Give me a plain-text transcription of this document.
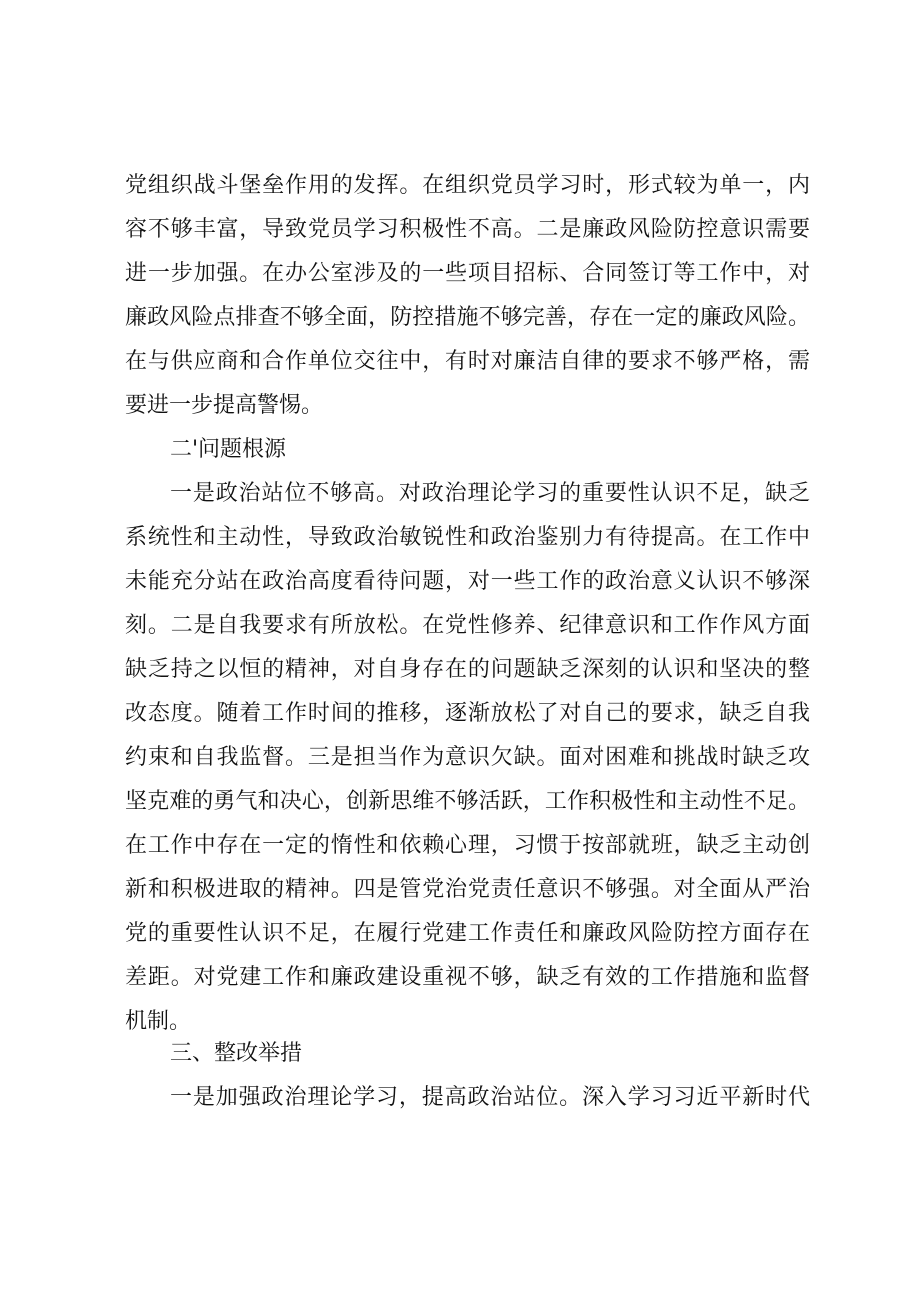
党组织战斗堡垒作用的发挥。在组织党员学习时，形式较为单一，内
容不够丰富，导致党员学习积极性不高。二是廉政风险防控意识需要
进一步加强。在办公室涉及的一些项目招标、合同签订等工作中，对
廉政风险点排查不够全面，防控措施不够完善，存在一定的廉政风险。
在与供应商和合作单位交往中，有时对廉洁自律的要求不够严格，需
要进一步提高警惕。
二'问题根源
一是政治站位不够高。对政治理论学习的重要性认识不足，缺乏
系统性和主动性，导致政治敏锐性和政治鉴别力有待提高。在工作中
未能充分站在政治高度看待问题，对一些工作的政治意义认识不够深
刻。二是自我要求有所放松。在党性修养、纪律意识和工作作风方面
缺乏持之以恒的精神，对自身存在的问题缺乏深刻的认识和坚决的整
改态度。随着工作时间的推移，逐渐放松了对自己的要求，缺乏自我
约束和自我监督。三是担当作为意识欠缺。面对困难和挑战时缺乏攻
坚克难的勇气和决心，创新思维不够活跃，工作积极性和主动性不足。
在工作中存在一定的惰性和依赖心理，习惯于按部就班，缺乏主动创
新和积极进取的精神。四是管党治党责任意识不够强。对全面从严治
党的重要性认识不足，在履行党建工作责任和廉政风险防控方面存在
差距。对党建工作和廉政建设重视不够，缺乏有效的工作措施和监督
机制。
三、整改举措
一是加强政治理论学习，提高政治站位。深入学习习近平新时代
